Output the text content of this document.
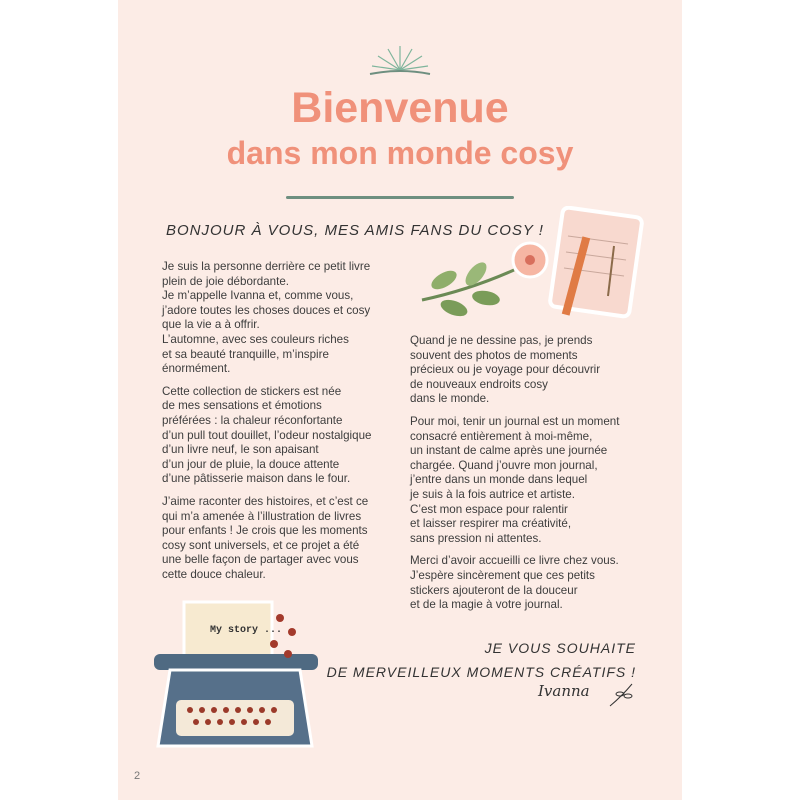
Bienvenue
dans mon monde cosy
BONJOUR À VOUS, MES AMIS FANS DU COSY !

Je suis la personne derrière ce petit livre
plein de joie débordante.
Je m’appelle Ivanna et, comme vous,
j’adore toutes les choses douces et cosy
que la vie a à offrir.
L’automne, avec ses couleurs riches
et sa beauté tranquille, m’inspire
énormément.

Cette collection de stickers est née
de mes sensations et émotions
préférées : la chaleur réconfortante
d’un pull tout douillet, l’odeur nostalgique
d’un livre neuf, le son apaisant
d’un jour de pluie, la douce attente
d’une pâtisserie maison dans le four.

J’aime raconter des histoires, et c’est ce
qui m’a amenée à l’illustration de livres
pour enfants ! Je crois que les moments
cosy sont universels, et ce projet a été
une belle façon de partager avec vous
cette douce chaleur.

Quand je ne dessine pas, je prends
souvent des photos de moments
précieux ou je voyage pour découvrir
de nouveaux endroits cosy
dans le monde.

Pour moi, tenir un journal est un moment
consacré entièrement à moi-même,
un instant de calme après une journée
chargée. Quand j’ouvre mon journal,
j’entre dans un monde dans lequel
je suis à la fois autrice et artiste.
C’est mon espace pour ralentir
et laisser respirer ma créativité,
sans pression ni attentes.

Merci d’avoir accueilli ce livre chez vous.
J’espère sincèrement que ces petits
stickers ajouteront de la douceur
et de la magie à votre journal.

My story ...
JE VOUS SOUHAITE
DE MERVEILLEUX MOMENTS CRÉATIFS !
Ivanna
2
